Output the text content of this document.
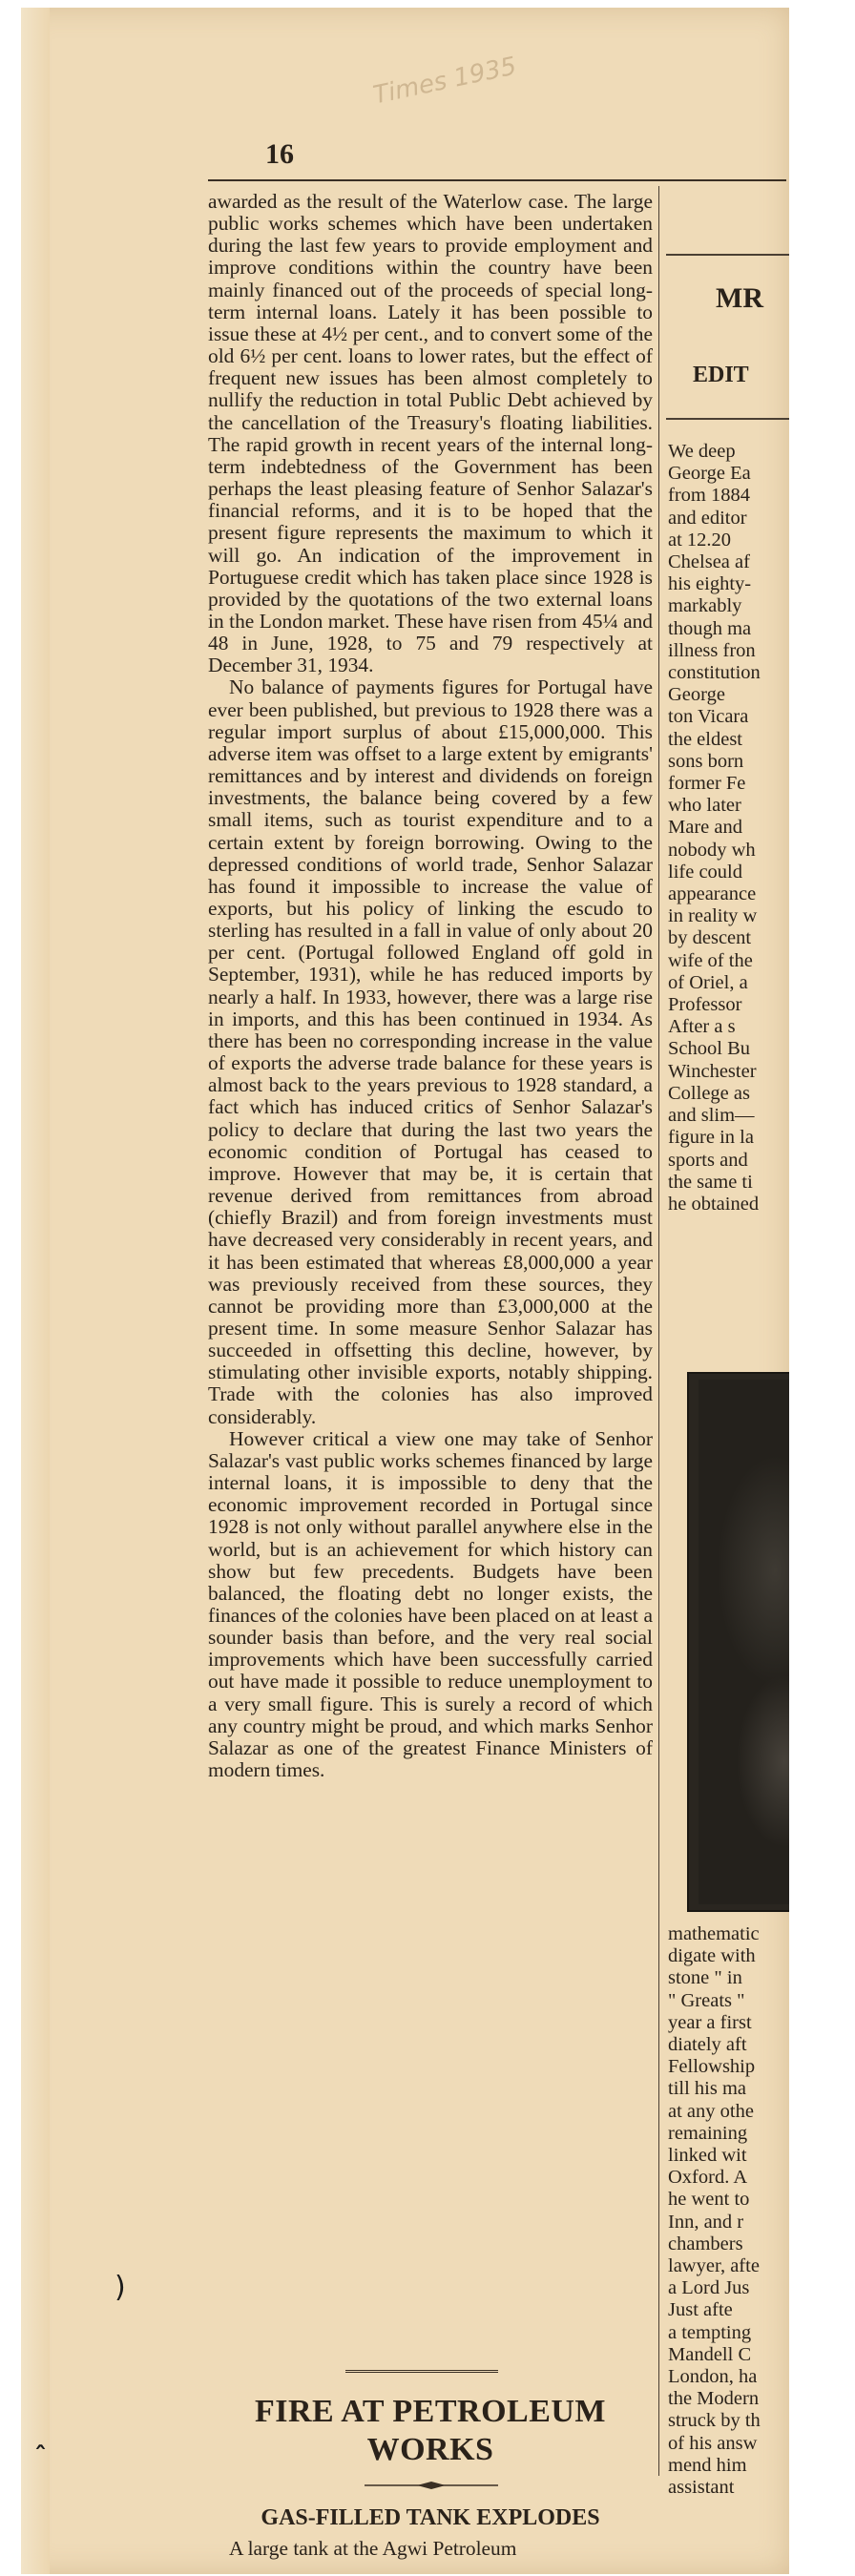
Times 1935
16

awarded as the result of the Waterlow case. The large public works schemes which have been undertaken during the last few years to provide employment and improve conditions within the country have been mainly financed out of the proceeds of special long-term internal loans. Lately it has been possible to issue these at 4½ per cent., and to convert some of the old 6½ per cent. loans to lower rates, but the effect of frequent new issues has been almost completely to nullify the reduction in total Public Debt achieved by the cancellation of the Treasury's floating liabilities. The rapid growth in recent years of the internal long-term indebtedness of the Government has been perhaps the least pleasing feature of Senhor Salazar's financial reforms, and it is to be hoped that the present figure represents the maximum to which it will go. An indication of the improvement in Portuguese credit which has taken place since 1928 is provided by the quotations of the two external loans in the London market. These have risen from 45¼ and 48 in June, 1928, to 75 and 79 respectively at December 31, 1934.

No balance of payments figures for Portugal have ever been published, but previous to 1928 there was a regular import surplus of about £15,000,000. This adverse item was offset to a large extent by emigrants' remittances and by interest and dividends on foreign investments, the balance being covered by a few small items, such as tourist expenditure and to a certain extent by foreign borrowing. Owing to the depressed conditions of world trade, Senhor Salazar has found it impossible to increase the value of exports, but his policy of linking the escudo to sterling has resulted in a fall in value of only about 20 per cent. (Portugal followed England off gold in September, 1931), while he has reduced imports by nearly a half. In 1933, however, there was a large rise in imports, and this has been continued in 1934. As there has been no corresponding increase in the value of exports the adverse trade balance for these years is almost back to the years previous to 1928 standard, a fact which has induced critics of Senhor Salazar's policy to declare that during the last two years the economic condition of Portugal has ceased to improve. However that may be, it is certain that revenue derived from remittances from abroad (chiefly Brazil) and from foreign investments must have decreased very considerably in recent years, and it has been estimated that whereas £8,000,000 a year was previously received from these sources, they cannot be providing more than £3,000,000 at the present time. In some measure Senhor Salazar has succeeded in offsetting this decline, however, by stimulating other invisible exports, notably shipping. Trade with the colonies has also improved considerably.

However critical a view one may take of Senhor Salazar's vast public works schemes financed by large internal loans, it is impossible to deny that the economic improvement recorded in Portugal since 1928 is not only without parallel anywhere else in the world, but is an achievement for which history can show but few precedents. Budgets have been balanced, the floating debt no longer exists, the finances of the colonies have been placed on at least a sounder basis than before, and the very real social improvements which have been successfully carried out have made it possible to reduce unemployment to a very small figure. This is surely a record of which any country might be proud, and which marks Senhor Salazar as one of the greatest Finance Ministers of modern times.

FIRE AT PETROLEUM
WORKS
GAS-FILLED TANK EXPLODES
A large tank at the Agwi Petroleum
MR
EDIT
We deep
George Ea
from 1884
and editor
at 12.20
Chelsea af
his eighty-
markably
though ma
illness fron
constitution
George
ton Vicara
the eldest
sons born
former Fe
who later
Mare and
nobody wh
life could
appearance
in reality w
by descent
wife of the
of Oriel, a
Professor
After a s
School Bu
Winchester
College as
and slim—
figure in la
sports and
the same ti
he obtained
mathematic
digate with
stone " in
" Greats "
year a first
diately aft
Fellowship
till his ma
at any othe
remaining
linked wit
Oxford. A
he went to
Inn, and r
chambers
lawyer, afte
a Lord Jus
Just afte
a tempting
Mandell C
London, ha
the Modern
struck by th
of his answ
mend him
assistant
)
ˆ
